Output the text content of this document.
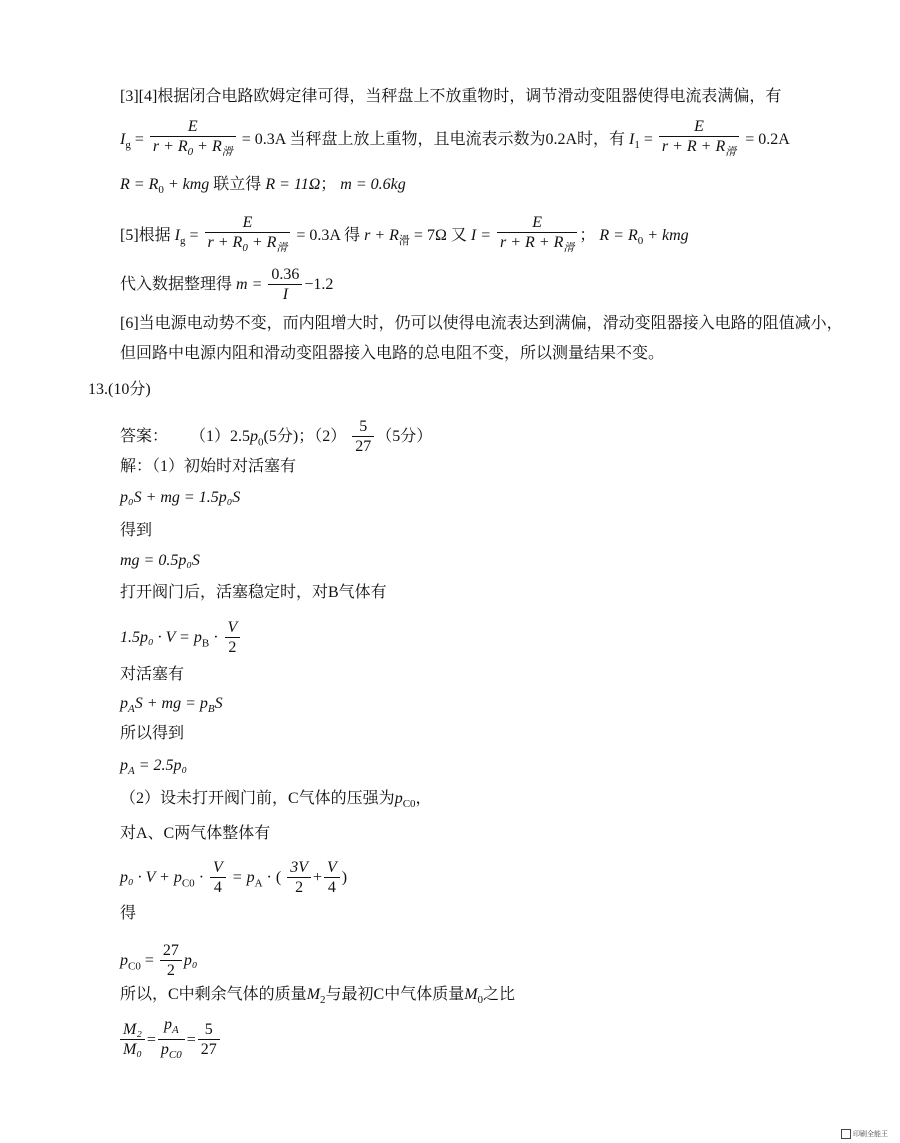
[3][4]根据闭合电路欧姆定律可得，当秤盘上不放重物时，调节滑动变阻器使得电流表满偏，有
$I_g = \frac{E}{r + R_0 + R_滑} = 0.3A$ 当秤盘上放上重物，且电流表示数为0.2A时，有 $I_1 = \frac{E}{r + R + R_滑} = 0.2A$
$R = R_0$ + kmg 联立得 R = 11Ω； m = 0.6kg
[5]根据 $I_g = \frac{E}{r + R_0 + R_滑} = 0.3A$ 得 $r + R_滑 = 7\Omega$ 又 $I = \frac{E}{r + R + R_滑}$ ； $R = R_0$ + kmg
代入数据整理得 $m = \frac{0.36}{I} -1.2$
[6]当电源电动势不变，而内阻增大时，仍可以使得电流表达到满偏，滑动变阻器接入电路的阻值减小，
但回路中电源内阻和滑动变阻器接入电路的总电阻不变，所以测量结果不变。
13.(10分)
答案： $(1)2.5p_0(5$分)；$(2) \frac{5}{27} (5$分）
解：（1）初始时对活塞有
p₀S + mg = 1.5p₀S
得到
mg = 0.5p₀S
打开阀门后，活塞稳定时，对B气体有
$1.5p_0 \cdot V = p_B \cdot \frac{V}{2}$
对活塞有
$p_AS$ + mg = $p_BS$
所以得到
$p_A = 2.5p_0$
（2）设未打开阀门前，C气体的压强为$p_{C0}$，
对A、C两气体整体有
$p_0 \cdot V + p_{C0} \cdot \frac{V}{4} = p_A$ · ( $\frac{3V}{2} + \frac{V}{4}$ )
得
$p_{C0} = \frac{27}{2} p_0$
所以，C中剩余气体的质量$M_2$与最初C中气体质量$M_0$之比
$\frac{\text{M₂}}{\text{M₀}} = \frac{p_A}{p_{C0}} = \frac{5}{27}$
印刷全能王
